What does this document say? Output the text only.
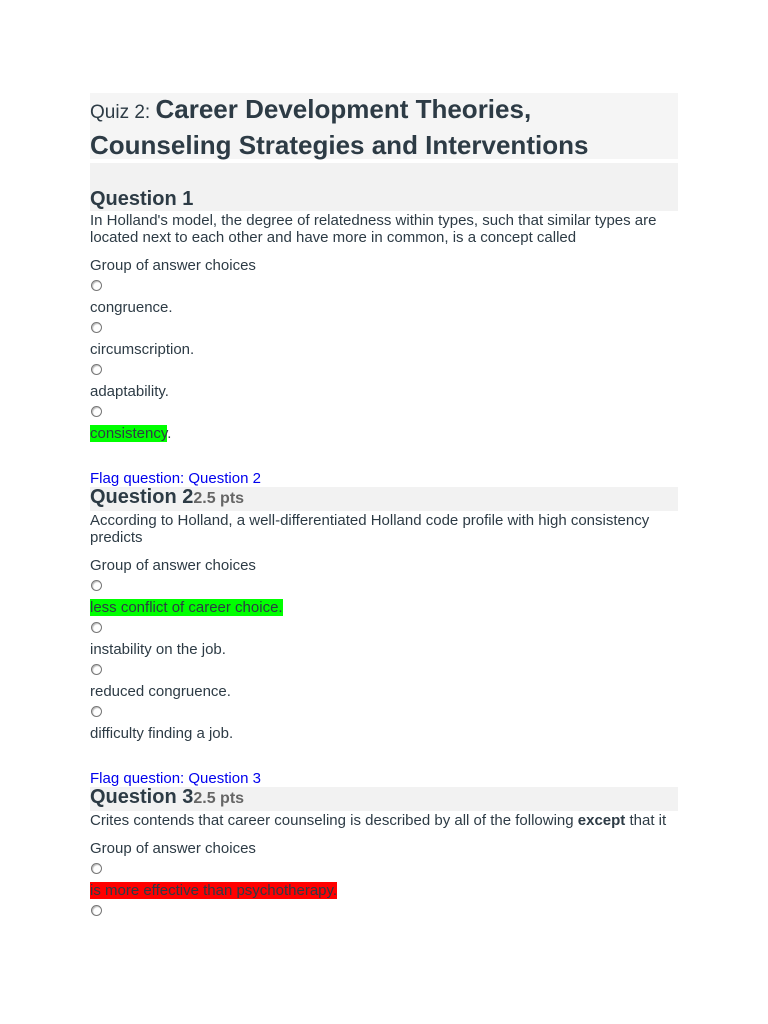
Quiz 2: Career Development Theories, Counseling Strategies and Interventions
Question 1
In Holland's model, the degree of relatedness within types, such that similar types are located next to each other and have more in common, is a concept called
Group of answer choices
congruence.
circumscription.
adaptability.
consistency.
Flag question: Question 2
Question 22.5 pts
According to Holland, a well-differentiated Holland code profile with high consistency predicts
Group of answer choices
less conflict of career choice.
instability on the job.
reduced congruence.
difficulty finding a job.
Flag question: Question 3
Question 32.5 pts
Crites contends that career counseling is described by all of the following except that it
Group of answer choices
is more effective than psychotherapy.
